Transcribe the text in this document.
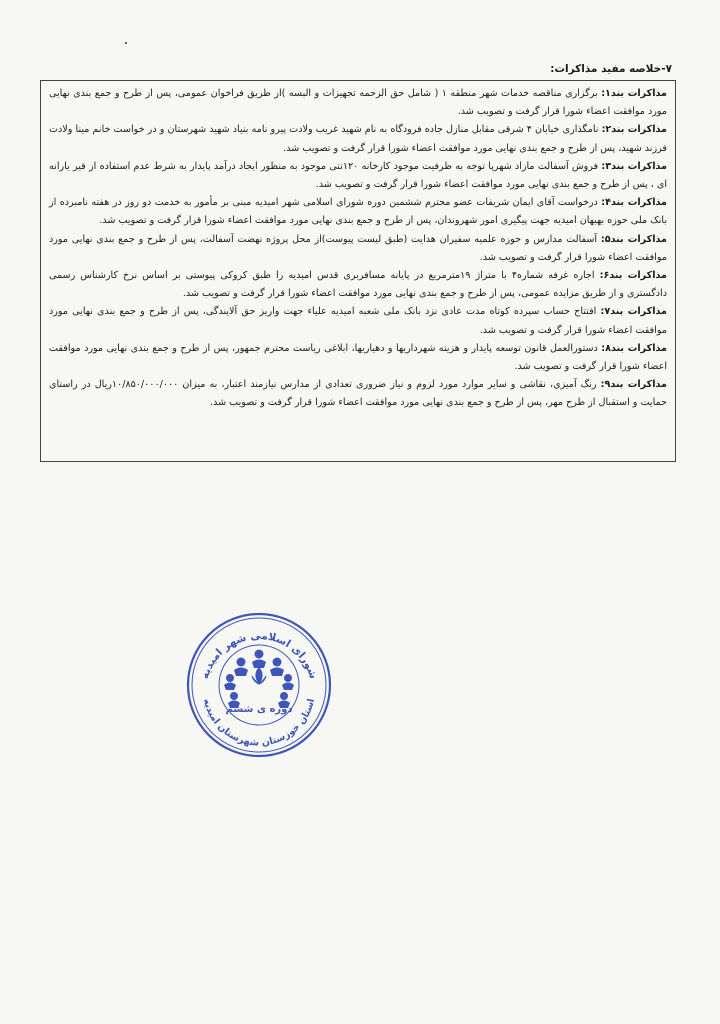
۷-خلاصه مفید مذاکرات:

مذاکرات بند۱: برگزاری مناقصه خدمات شهر منطقه ۱ ( شامل حق الزحمه تجهیزات و البسه )از طریق فراخوان عمومی، پس از طرح و جمع بندی نهایی مورد موافقت اعضاء شورا قرار گرفت و تصویب شد.

مذاکرات بند۲: نامگذاری خیابان ۴ شرقی مقابل منازل جاده فرودگاه به نام شهید غریب ولادت پیرو نامه بنیاد شهید شهرستان و در خواست خانم مینا ولادت فرزند شهید، پس از طرح و جمع بندی نهایی مورد موافقت اعضاء شورا قرار گرفت و تصویب شد.

مذاکرات بند۳: فروش آسفالت مازاد شهرپا توجه به ظرفیت موجود کارخانه ۱۲۰تنی موجود به منظور ایجاد درآمد پایدار به شرط عدم استفاده از قیر یارانه ای ، پس از طرح و جمع بندی نهایی مورد موافقت اعضاء شورا قرار گرفت و تصویب شد.

مذاکرات بند۴: درخواست آقای ایمان شریفات عضو محترم ششمین دوره شورای اسلامی شهر امیدیه مبنی بر مأمور به خدمت دو روز در هفته نامبرده از بانک ملی حوزه بهبهان امیدیه جهت پیگیری امور شهروندان، پس از طرح و جمع بندی نهایی مورد موافقت اعضاء شورا قرار گرفت و تصویب شد.

مذاکرات بند۵: آسفالت مدارس و حوزه علمیه سفیران هدایت (طبق لیست پیوست)از محل پروژه نهضت آسفالت، پس از طرح و جمع بندی نهایی مورد موافقت اعضاء شورا قرار گرفت و تصویب شد.

مذاکرات بند۶: اجاره غرفه شماره۴ با متراژ ۱۹مترمربع در پایانه مسافربری قدس امیدیه را طبق کروکی پیوستی بر اساس نرخ کارشناس رسمی دادگستری و از طریق مزایده عمومی، پس از طرح و جمع بندی نهایی مورد موافقت اعضاء شورا قرار گرفت و تصویب شد.

مذاکرات بند۷: افتتاح حساب سپرده کوتاه مدت عادی نزد بانک ملی شعبه امیدیه علیاء جهت واریز حق آلایندگی، پس از طرح و جمع بندی نهایی مورد موافقت اعضاء شورا قرار گرفت و تصویب شد.

مذاکرات بند۸: دستورالعمل قانون توسعه پایدار و هزینه شهرداریها و دهیاریها، ابلاغی ریاست محترم جمهور، پس از طرح و جمع بندی نهایی مورد موافقت اعضاء شورا قرار گرفت و تصویب شد.

مذاکرات بند۹: رنگ آمیزی، نقاشی و سایر موارد مورد لزوم و نیاز ضروری تعدادی از مدارس نیازمند اعتبار، به میزان ۱۰/۸۵۰/۰۰۰/۰۰۰ریال در راستای حمایت و استقبال از طرح مهر، پس از طرح و جمع بندی نهایی مورد موافقت اعضاء شورا قرار گرفت و تصویب شد.

شورای اسلامی شهر امیدیه
دوره ی ششم
استان خوزستان شهرستان امیدیه
